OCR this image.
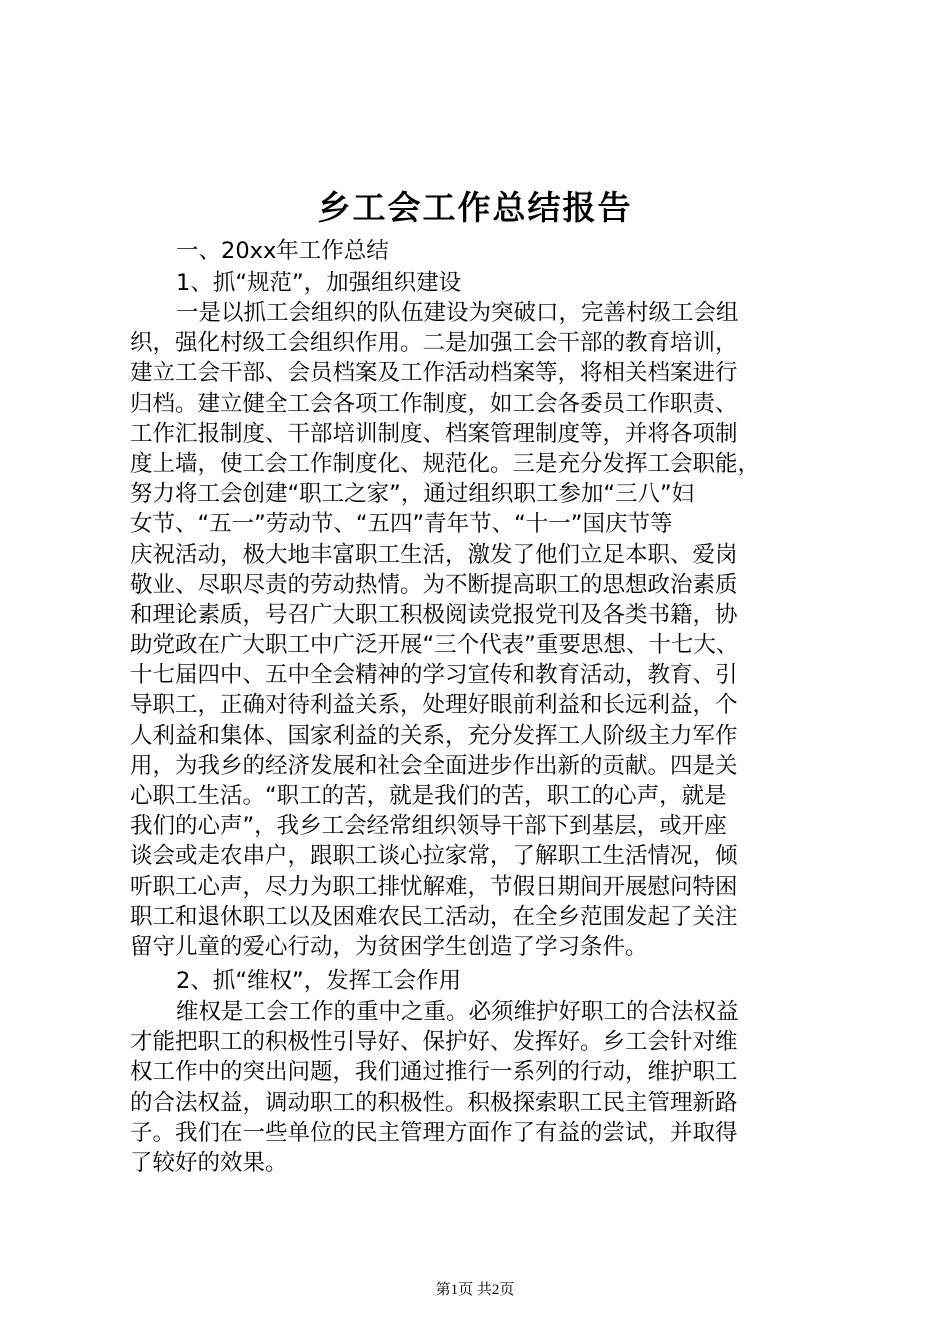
乡工会工作总结报告
一、20xx年工作总结
1、抓“规范”，加强组织建设
一是以抓工会组织的队伍建设为突破口，完善村级工会组
织，强化村级工会组织作用。二是加强工会干部的教育培训，
建立工会干部、会员档案及工作活动档案等，将相关档案进行
归档。建立健全工会各项工作制度，如工会各委员工作职责、
工作汇报制度、干部培训制度、档案管理制度等，并将各项制
度上墙，使工会工作制度化、规范化。三是充分发挥工会职能，
努力将工会创建“职工之家”，通过组织职工参加“三八”妇
女节、“五一”劳动节、“五四”青年节、“十一”国庆节等
庆祝活动，极大地丰富职工生活，激发了他们立足本职、爱岗
敬业、尽职尽责的劳动热情。为不断提高职工的思想政治素质
和理论素质，号召广大职工积极阅读党报党刊及各类书籍，协
助党政在广大职工中广泛开展“三个代表”重要思想、十七大、
十七届四中、五中全会精神的学习宣传和教育活动，教育、引
导职工，正确对待利益关系，处理好眼前利益和长远利益，个
人利益和集体、国家利益的关系，充分发挥工人阶级主力军作
用，为我乡的经济发展和社会全面进步作出新的贡献。四是关
心职工生活。“职工的苦，就是我们的苦，职工的心声，就是
我们的心声”，我乡工会经常组织领导干部下到基层，或开座
谈会或走农串户，跟职工谈心拉家常，了解职工生活情况，倾
听职工心声，尽力为职工排忧解难，节假日期间开展慰问特困
职工和退休职工以及困难农民工活动，在全乡范围发起了关注
留守儿童的爱心行动，为贫困学生创造了学习条件。
2、抓“维权”，发挥工会作用
维权是工会工作的重中之重。必须维护好职工的合法权益
才能把职工的积极性引导好、保护好、发挥好。乡工会针对维
权工作中的突出问题，我们通过推行一系列的行动，维护职工
的合法权益，调动职工的积极性。积极探索职工民主管理新路
子。我们在一些单位的民主管理方面作了有益的尝试，并取得
了较好的效果。
第1页 共2页
